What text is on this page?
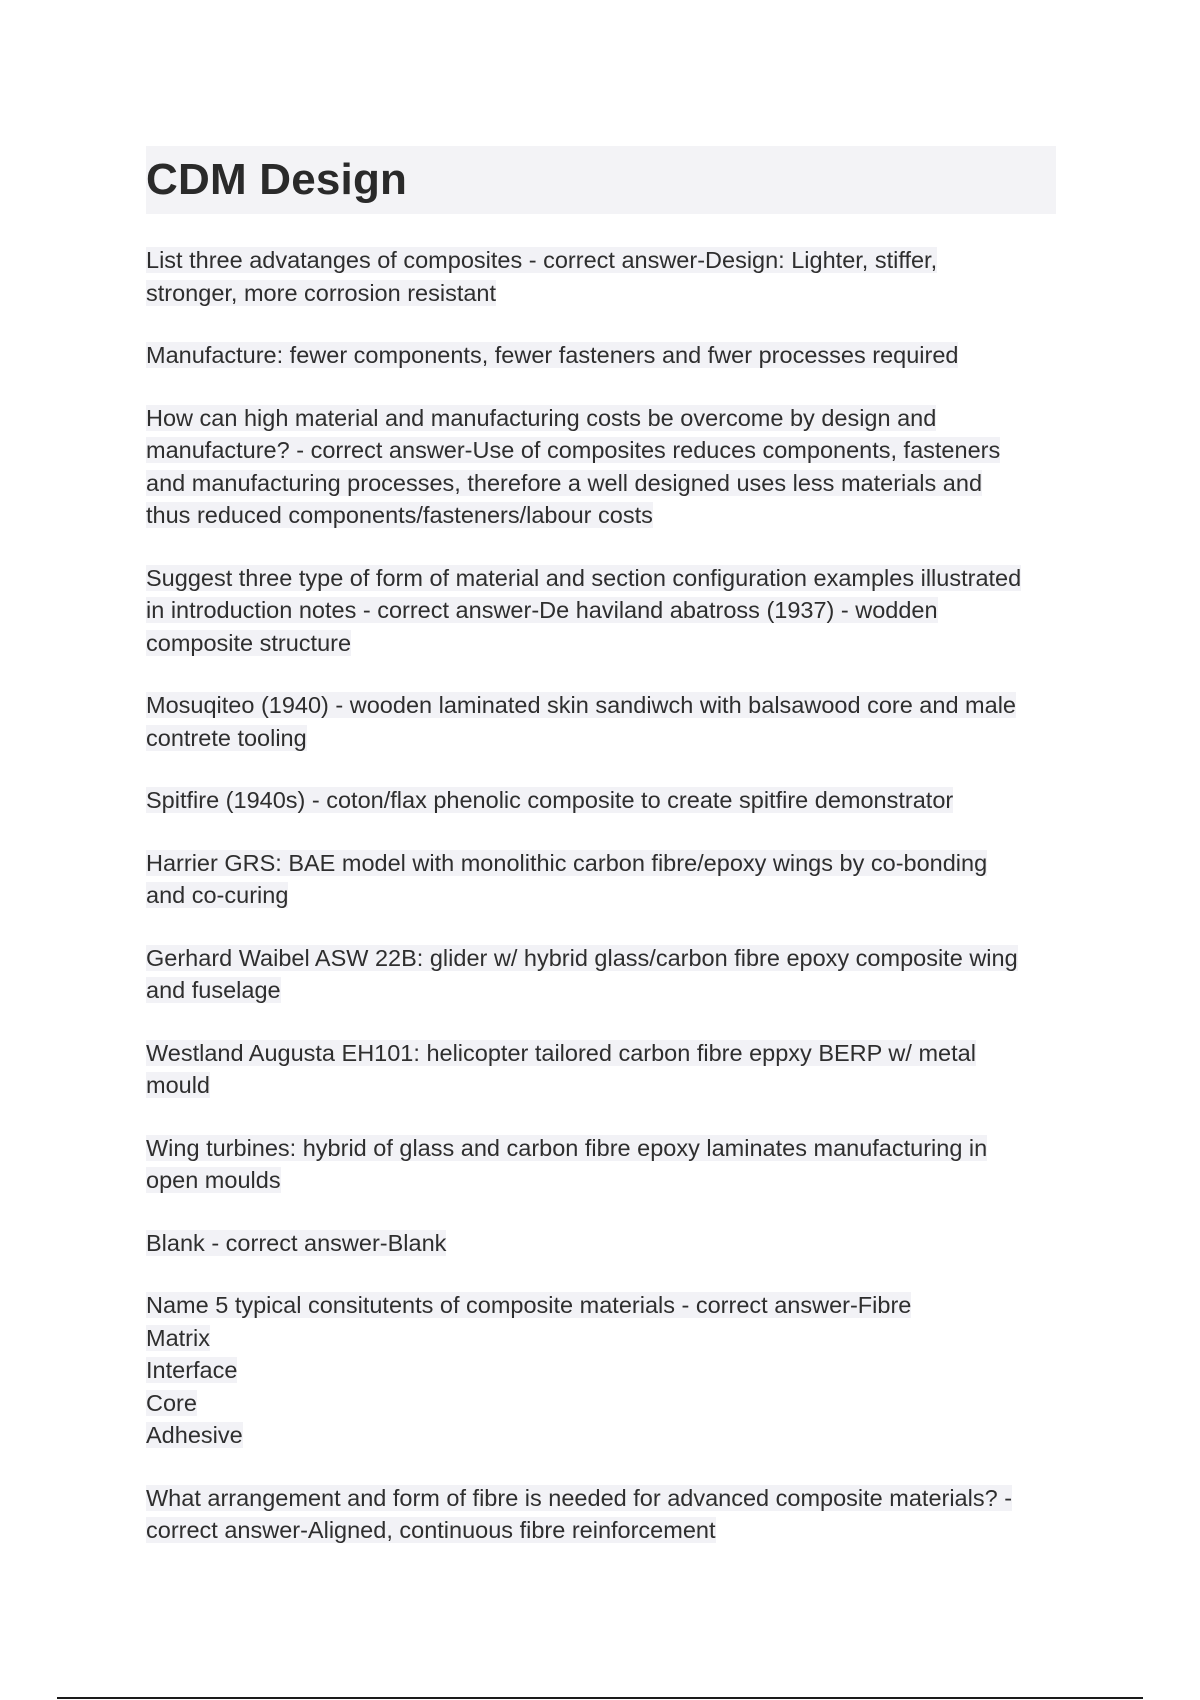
CDM Design

List three advatanges of composites - correct answer-Design: Lighter, stiffer,
stronger, more corrosion resistant

Manufacture: fewer components, fewer fasteners and fwer processes required

How can high material and manufacturing costs be overcome by design and
manufacture? - correct answer-Use of composites reduces components, fasteners
and manufacturing processes, therefore a well designed uses less materials and
thus reduced components/fasteners/labour costs

Suggest three type of form of material and section configuration examples illustrated
in introduction notes - correct answer-De haviland abatross (1937) - wodden
composite structure

Mosuqiteo (1940) - wooden laminated skin sandiwch with balsawood core and male
contrete tooling

Spitfire (1940s) - coton/flax phenolic composite to create spitfire demonstrator

Harrier GRS: BAE model with monolithic carbon fibre/epoxy wings by co-bonding
and co-curing

Gerhard Waibel ASW 22B: glider w/ hybrid glass/carbon fibre epoxy composite wing
and fuselage

Westland Augusta EH101: helicopter tailored carbon fibre eppxy BERP w/ metal
mould

Wing turbines: hybrid of glass and carbon fibre epoxy laminates manufacturing in
open moulds

Blank - correct answer-Blank

Name 5 typical consitutents of composite materials - correct answer-Fibre
Matrix
Interface
Core
Adhesive

What arrangement and form of fibre is needed for advanced composite materials? -
correct answer-Aligned, continuous fibre reinforcement
